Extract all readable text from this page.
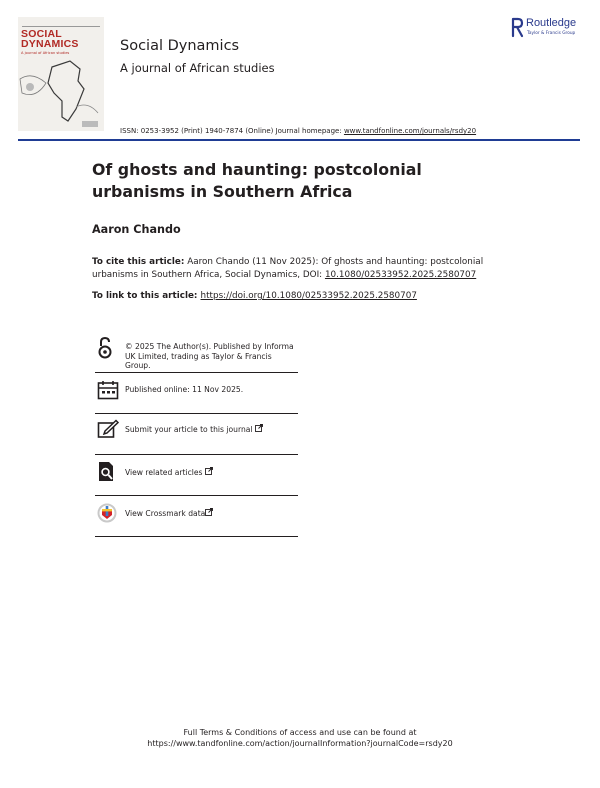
SOCIAL DYNAMICS
A journal of African studies	Social Dynamics
A journal of African studies
ISSN: 0253-3952 (Print) 1940-7874 (Online) Journal homepage: www.tandfonline.com/journals/rsdy20
Routledge
Taylor & Francis Group
Of ghosts and haunting: postcolonial urbanisms in Southern Africa
Aaron Chando
To cite this article: Aaron Chando (11 Nov 2025): Of ghosts and haunting: postcolonial urbanisms in Southern Africa, Social Dynamics, DOI: 10.1080/02533952.2025.2580707
To link to this article: https://doi.org/10.1080/02533952.2025.2580707
© 2025 The Author(s). Published by Informa UK Limited, trading as Taylor & Francis Group.
Published online: 11 Nov 2025.
Submit your article to this journal
View related articles
View Crossmark data
Full Terms & Conditions of access and use can be found at
https://www.tandfonline.com/action/journalInformation?journalCode=rsdy20
